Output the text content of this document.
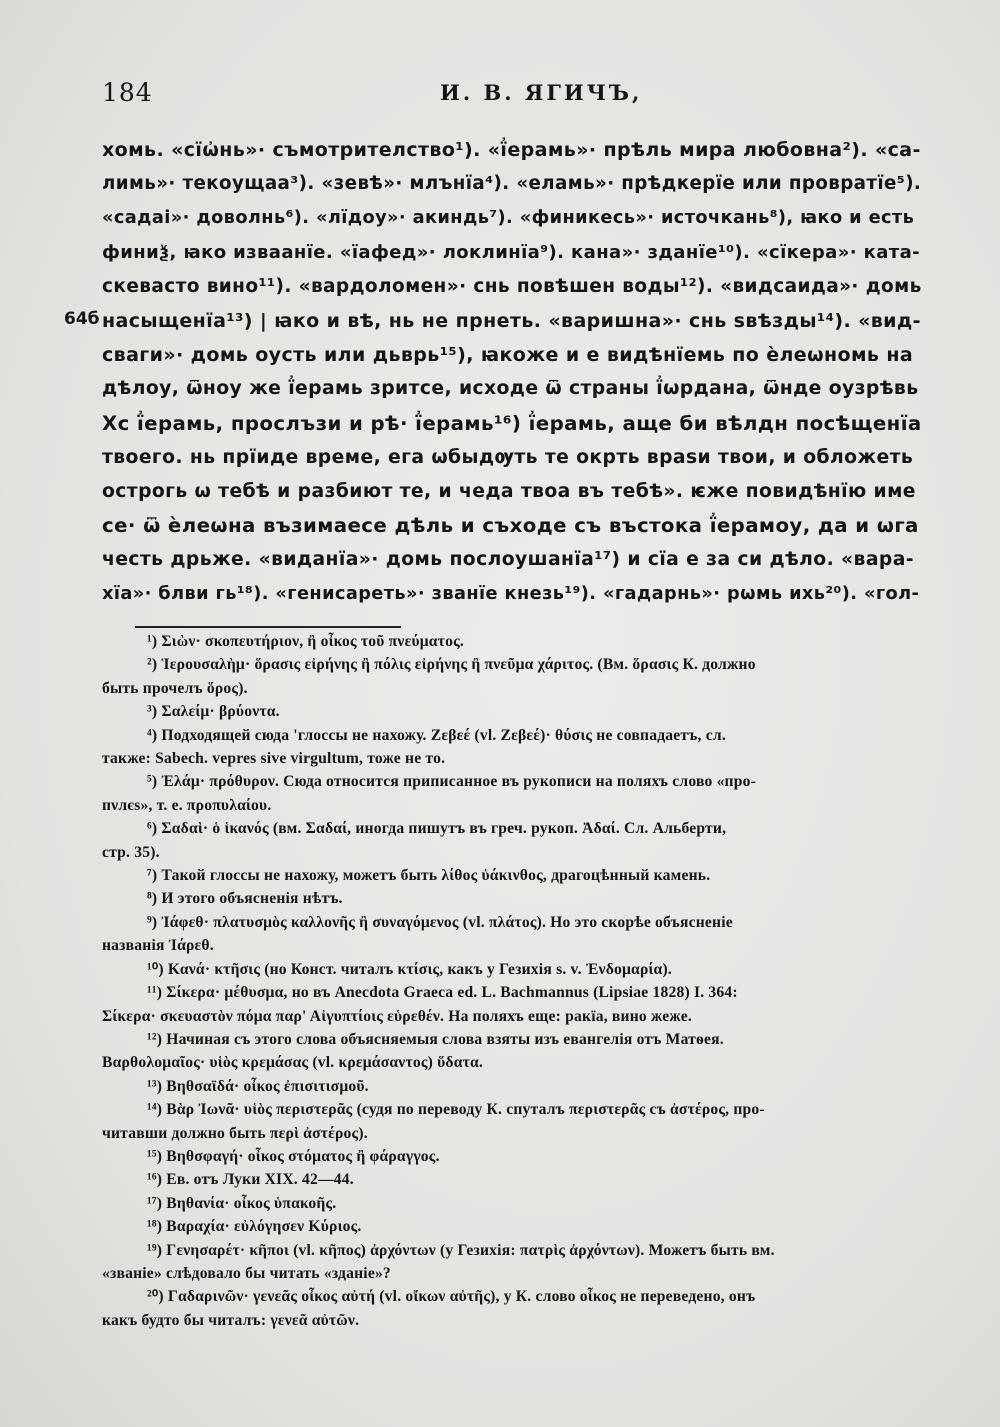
184	И. В. ЯГИЧЪ,
64б
хомь. «сїѡ҆нь»· съмотрителство¹). «ї҆ерамь»· прѣль мира любовна²). «са-
лимь»· текоущаа³). «зевѣ»· млънїа⁴). «еламь»· прѣдкерїе или провратїе⁵).
«садаі»· доволнь⁶). «лїдоу»· акиндь⁷). «финикесь»· источкань⁸), ꙗко и есть
финиѯ, ꙗко изваанїе. «їафед»· локлинїа⁹). кана»· зданїе¹⁰). «сїкера»· ката-
скевасто вино¹¹). «вардоломен»· снь повѣшен воды¹²). «видсаида»· домь
насыщенїа¹³) | ꙗко и вѣ, нь не прнеть. «варишна»· снь ѕвѣзды¹⁴). «вид-
сваги»· домь оусть или дьврь¹⁵), ꙗкоже и е видѣнїемь по ѐлеѡномь на
дѣлоу, ѿноу же ї҆ерамь зритсе, исходе ѿ страны ї҆ѡрдана, ѿнде оузрѣвь
Хс ї҆ерамь, прослъзи и рѣ· ї҆ерамь¹⁶) ї҆ерамь, аще би вѣлдн посѣщенїа
твоего. нь прїиде време, ега ѡбыдѹть те окрть враѕи твои, и обложеть
острогь ѡ тебѣ и разбиют те, и чеда твоа въ тебѣ». ѥже повидѣнїю име
се· ѿ ѐлеѡна възимаесе дѣль и съходе съ въстока ї҆ерамоу, да и ѡга
честь дрьже. «виданїа»· домь послоушанїа¹⁷) и сїа е за си дѣло. «вара-
хїа»· блви гь¹⁸). «генисареть»· званїе кнезь¹⁹). «гадарнь»· рѡмь ихь²⁰). «гол-
¹) Σιὼν· σκοπευτήριον, ἢ οἶκος τοῦ πνεύματος.
²) Ἱερουσαλὴμ· ὅρασις εἰρήνης ἢ πόλις εἰρήνης ἢ πνεῦμα χάριτος. (Вм. ὅρασις К. должно
быть прочелъ ὅρος).
³) Σαλείμ· βρύοντα.
⁴) Подходящей сюда 'глоссы не нахожу. Ζεβεέ (vl. Ζεβεέ)· θύσις не совпадаетъ, сл.
также: Sabech. vepres sive virgultum, тоже не то.
⁵) Ἐλάμ· πρόθυρον. Сюда относится приписанное въ рукописи на поляхъ слово «про-
пνлєѕ», т. е. προπυλαίου.
⁶) Σαδαὶ· ὁ ἱκανός (вм. Σαδαί, иногда пишутъ въ греч. рукоп. Ἀδαί. Сл. Альберти,
стр. 35).
⁷) Такой глоссы не нахожу, можетъ быть λίθος ὑάκινθος, драгоцѣнный камень.
⁸) И этого объясненія нѣтъ.
⁹) Ἰάφεθ· πλατυσμὸς καλλονῆς ἢ συναγόμενος (vl. πλάτος). Но это скорѣе объясненіе
названія Ἰάρεθ.
¹⁰) Κανά· κτῆσις (но Конст. читалъ κτίσις, какъ у Гезихія s. v. Ἐνδομαρία).
¹¹) Σίκερα· μέθυσμα, но въ Anecdota Graeca ed. L. Bachmannus (Lipsiae 1828) I. 364:
Σίκερα· σκευαστὸν πόμα παρ' Αἰγυπτίοις εὑρεθέν. На поляхъ еще: ракїа, вино жеже.
¹²) Начиная съ этого слова объясняемыя слова взяты изъ евангелія отъ Матѳея.
Βαρθολομαῖος· υἱὸς κρεμάσας (vl. κρεμάσαντος) ὕδατα.
¹³) Βηθσαϊδά· οἶκος ἐπισιτισμοῦ.
¹⁴) Βὰρ Ἰωνᾶ· υἱὸς περιστερᾶς (судя по переводу К. спуталъ περιστερᾶς съ ἀστέρος, про-
читавши должно быть περὶ ἀστέρος).
¹⁵) Βηθσφαγή· οἶκος στόματος ἢ φάραγγος.
¹⁶) Ев. отъ Луки XIX. 42—44.
¹⁷) Βηθανία· οἶκος ὑπακοῆς.
¹⁸) Βαραχία· εὐλόγησεν Κύριος.
¹⁹) Γενησαρέτ· κῆποι (vl. κῆπος) ἀρχόντων (у Гезихія: πατρὶς ἀρχόντων). Можетъ быть вм.
«званіе» слѣдовало бы читать «зданіе»?
²⁰) Γαδαρινῶν· γενεᾶς οἶκος αὐτή (vl. οἴκων αὐτῆς), у К. слово οἶκος не переведено, онъ
какъ будто бы читалъ: γενεᾶ αὐτῶν.
